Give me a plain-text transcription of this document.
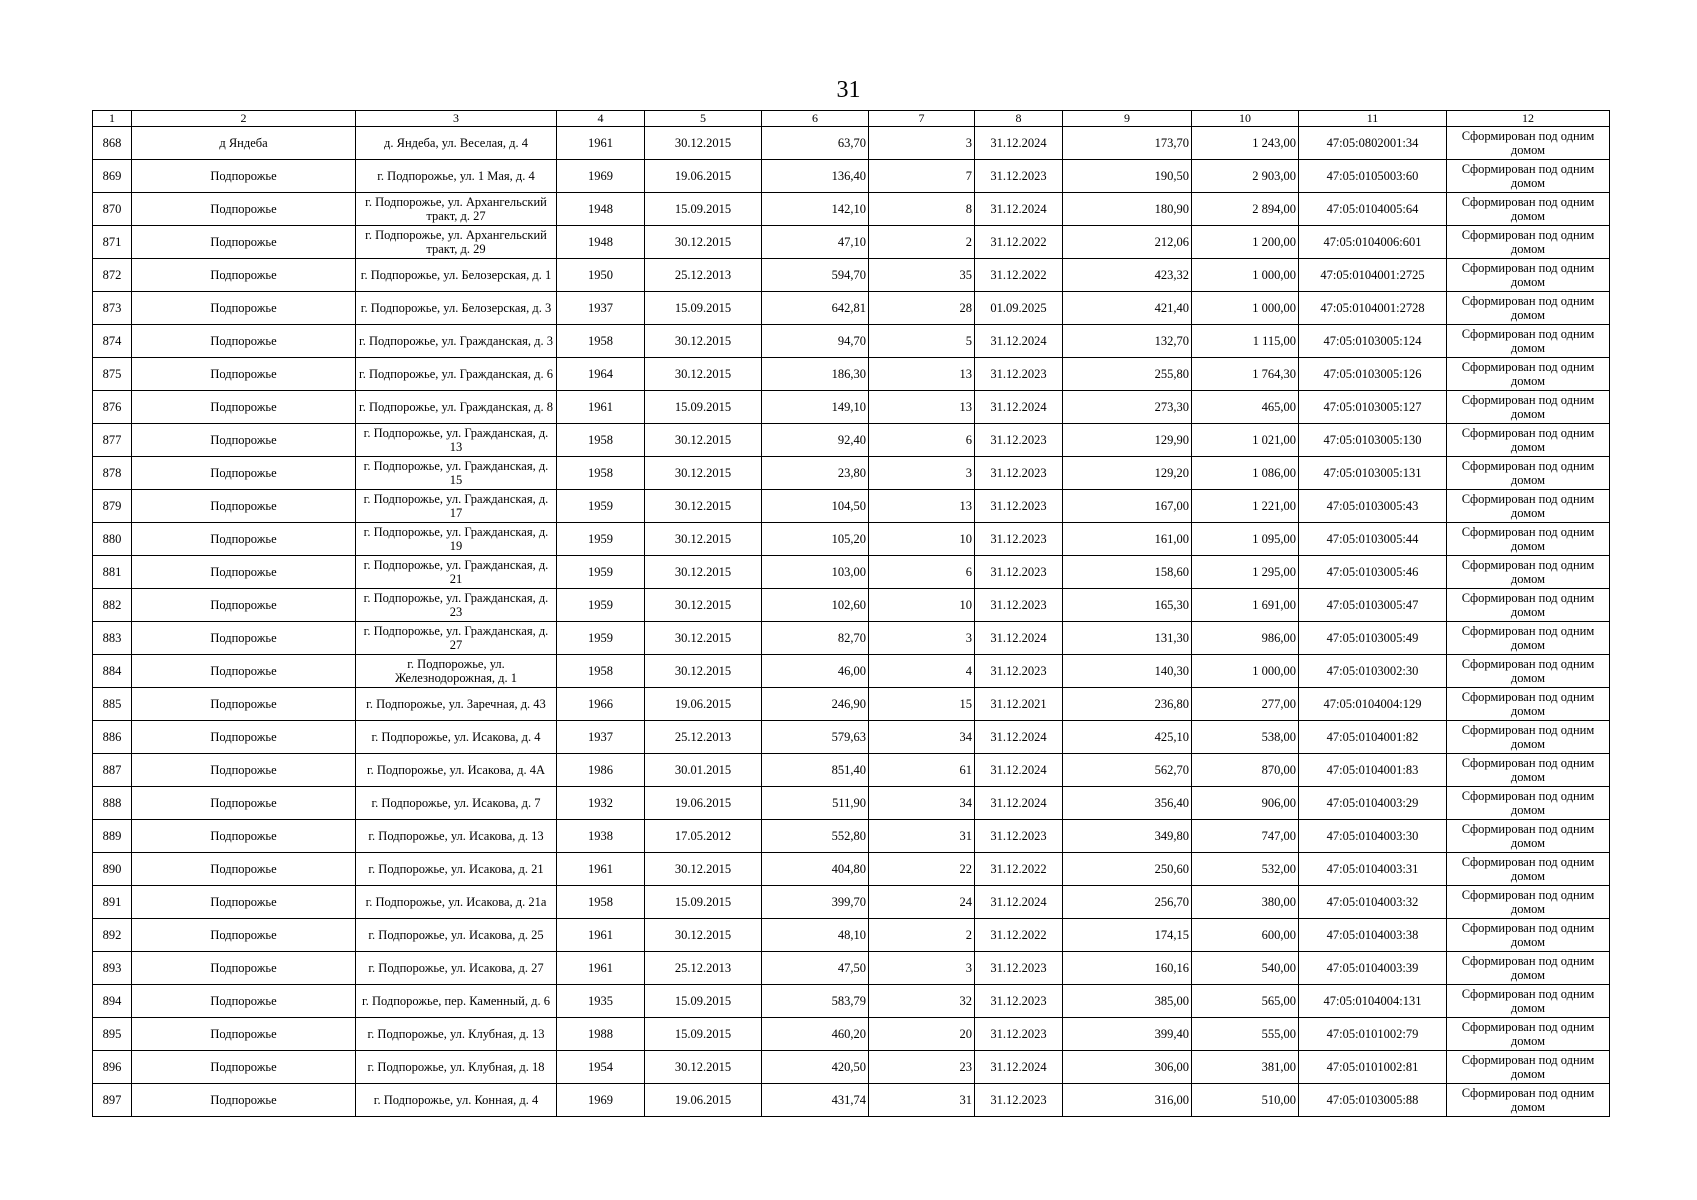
31
1	2	3	4	5	6	7	8	9	10	11	12
868	д Яндеба	д. Яндеба, ул. Веселая, д. 4	1961	30.12.2015	63,70	3	31.12.2024	173,70	1 243,00	47:05:0802001:34	Сформирован под одним домом
869	Подпорожье	г. Подпорожье, ул. 1 Мая, д. 4	1969	19.06.2015	136,40	7	31.12.2023	190,50	2 903,00	47:05:0105003:60	Сформирован под одним домом
870	Подпорожье	г. Подпорожье, ул. Архангельский тракт, д. 27	1948	15.09.2015	142,10	8	31.12.2024	180,90	2 894,00	47:05:0104005:64	Сформирован под одним домом
871	Подпорожье	г. Подпорожье, ул. Архангельский тракт, д. 29	1948	30.12.2015	47,10	2	31.12.2022	212,06	1 200,00	47:05:0104006:601	Сформирован под одним домом
872	Подпорожье	г. Подпорожье, ул. Белозерская, д. 1	1950	25.12.2013	594,70	35	31.12.2022	423,32	1 000,00	47:05:0104001:2725	Сформирован под одним домом
873	Подпорожье	г. Подпорожье, ул. Белозерская, д. 3	1937	15.09.2015	642,81	28	01.09.2025	421,40	1 000,00	47:05:0104001:2728	Сформирован под одним домом
874	Подпорожье	г. Подпорожье, ул. Гражданская, д. 3	1958	30.12.2015	94,70	5	31.12.2024	132,70	1 115,00	47:05:0103005:124	Сформирован под одним домом
875	Подпорожье	г. Подпорожье, ул. Гражданская, д. 6	1964	30.12.2015	186,30	13	31.12.2023	255,80	1 764,30	47:05:0103005:126	Сформирован под одним домом
876	Подпорожье	г. Подпорожье, ул. Гражданская, д. 8	1961	15.09.2015	149,10	13	31.12.2024	273,30	465,00	47:05:0103005:127	Сформирован под одним домом
877	Подпорожье	г. Подпорожье, ул. Гражданская, д. 13	1958	30.12.2015	92,40	6	31.12.2023	129,90	1 021,00	47:05:0103005:130	Сформирован под одним домом
878	Подпорожье	г. Подпорожье, ул. Гражданская, д. 15	1958	30.12.2015	23,80	3	31.12.2023	129,20	1 086,00	47:05:0103005:131	Сформирован под одним домом
879	Подпорожье	г. Подпорожье, ул. Гражданская, д. 17	1959	30.12.2015	104,50	13	31.12.2023	167,00	1 221,00	47:05:0103005:43	Сформирован под одним домом
880	Подпорожье	г. Подпорожье, ул. Гражданская, д. 19	1959	30.12.2015	105,20	10	31.12.2023	161,00	1 095,00	47:05:0103005:44	Сформирован под одним домом
881	Подпорожье	г. Подпорожье, ул. Гражданская, д. 21	1959	30.12.2015	103,00	6	31.12.2023	158,60	1 295,00	47:05:0103005:46	Сформирован под одним домом
882	Подпорожье	г. Подпорожье, ул. Гражданская, д. 23	1959	30.12.2015	102,60	10	31.12.2023	165,30	1 691,00	47:05:0103005:47	Сформирован под одним домом
883	Подпорожье	г. Подпорожье, ул. Гражданская, д. 27	1959	30.12.2015	82,70	3	31.12.2024	131,30	986,00	47:05:0103005:49	Сформирован под одним домом
884	Подпорожье	г. Подпорожье, ул. Железнодорожная, д. 1	1958	30.12.2015	46,00	4	31.12.2023	140,30	1 000,00	47:05:0103002:30	Сформирован под одним домом
885	Подпорожье	г. Подпорожье, ул. Заречная, д. 43	1966	19.06.2015	246,90	15	31.12.2021	236,80	277,00	47:05:0104004:129	Сформирован под одним домом
886	Подпорожье	г. Подпорожье, ул. Исакова, д. 4	1937	25.12.2013	579,63	34	31.12.2024	425,10	538,00	47:05:0104001:82	Сформирован под одним домом
887	Подпорожье	г. Подпорожье, ул. Исакова, д. 4А	1986	30.01.2015	851,40	61	31.12.2024	562,70	870,00	47:05:0104001:83	Сформирован под одним домом
888	Подпорожье	г. Подпорожье, ул. Исакова, д. 7	1932	19.06.2015	511,90	34	31.12.2024	356,40	906,00	47:05:0104003:29	Сформирован под одним домом
889	Подпорожье	г. Подпорожье, ул. Исакова, д. 13	1938	17.05.2012	552,80	31	31.12.2023	349,80	747,00	47:05:0104003:30	Сформирован под одним домом
890	Подпорожье	г. Подпорожье, ул. Исакова, д. 21	1961	30.12.2015	404,80	22	31.12.2022	250,60	532,00	47:05:0104003:31	Сформирован под одним домом
891	Подпорожье	г. Подпорожье, ул. Исакова, д. 21а	1958	15.09.2015	399,70	24	31.12.2024	256,70	380,00	47:05:0104003:32	Сформирован под одним домом
892	Подпорожье	г. Подпорожье, ул. Исакова, д. 25	1961	30.12.2015	48,10	2	31.12.2022	174,15	600,00	47:05:0104003:38	Сформирован под одним домом
893	Подпорожье	г. Подпорожье, ул. Исакова, д. 27	1961	25.12.2013	47,50	3	31.12.2023	160,16	540,00	47:05:0104003:39	Сформирован под одним домом
894	Подпорожье	г. Подпорожье, пер. Каменный, д. 6	1935	15.09.2015	583,79	32	31.12.2023	385,00	565,00	47:05:0104004:131	Сформирован под одним домом
895	Подпорожье	г. Подпорожье, ул. Клубная, д. 13	1988	15.09.2015	460,20	20	31.12.2023	399,40	555,00	47:05:0101002:79	Сформирован под одним домом
896	Подпорожье	г. Подпорожье, ул. Клубная, д. 18	1954	30.12.2015	420,50	23	31.12.2024	306,00	381,00	47:05:0101002:81	Сформирован под одним домом
897	Подпорожье	г. Подпорожье, ул. Конная, д. 4	1969	19.06.2015	431,74	31	31.12.2023	316,00	510,00	47:05:0103005:88	Сформирован под одним домом
